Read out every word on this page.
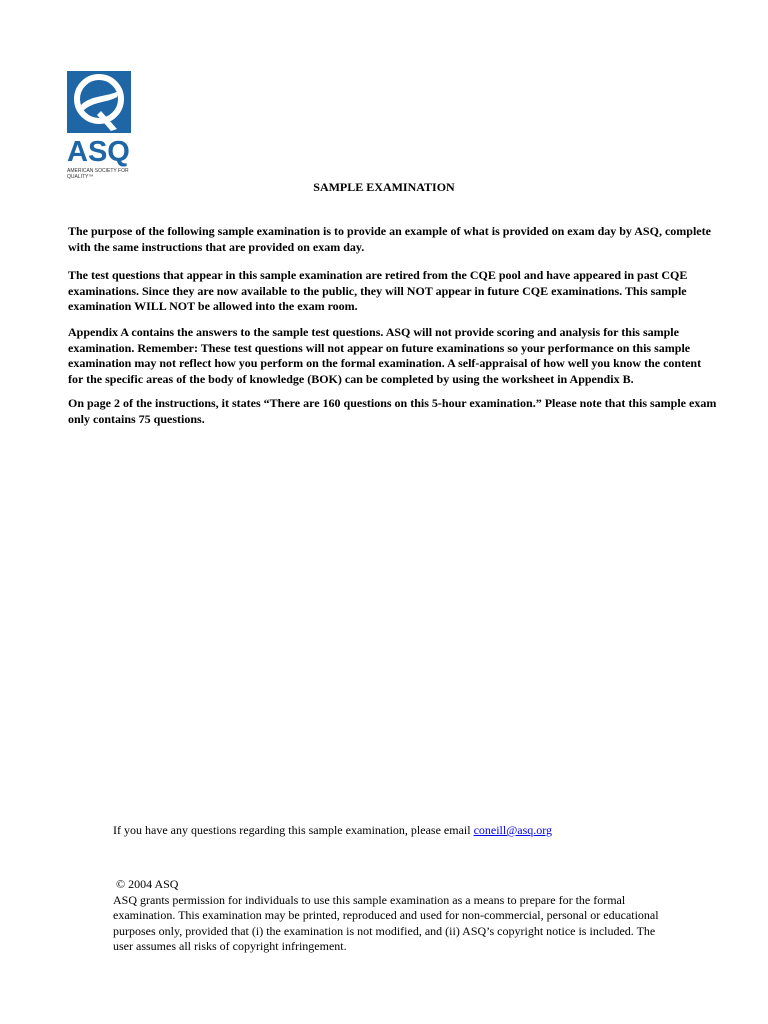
ASQ
AMERICAN SOCIETY FOR QUALITY™
SAMPLE EXAMINATION
The purpose of the following sample examination is to provide an example of what is provided on exam day by ASQ, complete with the same instructions that are provided on exam day.
The test questions that appear in this sample examination are retired from the CQE pool and have appeared in past CQE examinations. Since they are now available to the public, they will NOT appear in future CQE examinations. This sample examination WILL NOT be allowed into the exam room.
Appendix A contains the answers to the sample test questions. ASQ will not provide scoring and analysis for this sample examination. Remember: These test questions will not appear on future examinations so your performance on this sample examination may not reflect how you perform on the formal examination. A self-appraisal of how well you know the content for the specific areas of the body of knowledge (BOK) can be completed by using the worksheet in Appendix B.
On page 2 of the instructions, it states “There are 160 questions on this 5-hour examination.” Please note that this sample exam only contains 75 questions.
If you have any questions regarding this sample examination, please email coneill@asq.org
© 2004 ASQ
ASQ grants permission for individuals to use this sample examination as a means to prepare for the formal examination. This examination may be printed, reproduced and used for non-commercial, personal or educational purposes only, provided that (i) the examination is not modified, and (ii) ASQ’s copyright notice is included. The user assumes all risks of copyright infringement.
